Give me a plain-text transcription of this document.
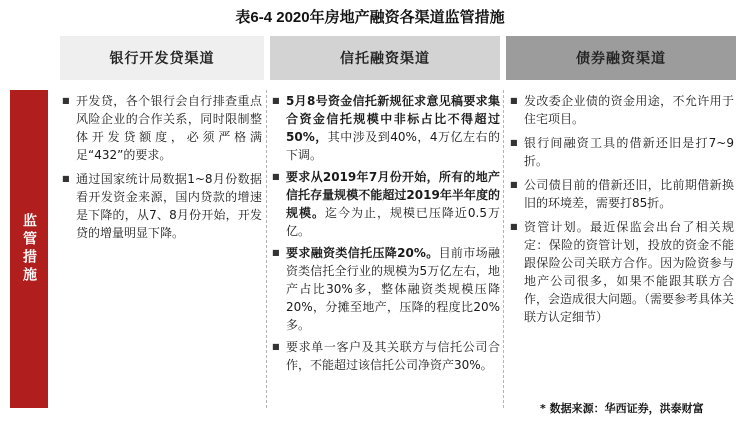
表6-4 2020年房地产融资各渠道监管措施
银行开发贷渠道	信托融资渠道	债券融资渠道
监管措施
■ 开发贷，各个银行会自行排查重点风险企业的合作关系，同时限制整体开发贷额度，必须严格满足“432”的要求。
■ 通过国家统计局数据1~8月份数据看开发资金来源，国内贷款的增速是下降的，从7、8月份开始，开发贷的增量明显下降。
■ 5月8号资金信托新规征求意见稿要求集合资金信托规模中非标占比不得超过50%，其中涉及到40%，4万亿左右的下调。
■ 要求从2019年7月份开始，所有的地产信托存量规模不能超过2019年半年度的规模。迄今为止，规模已压降近0.5万亿。
■ 要求融资类信托压降20%。目前市场融资类信托全行业的规模为5万亿左右，地产占比30%多，整体融资类规模压降20%，分摊至地产，压降的程度比20%多。
■ 要求单一客户及其关联方与信托公司合作，不能超过该信托公司净资产30%。
■ 发改委企业债的资金用途，不允许用于住宅项目。
■ 银行间融资工具的借新还旧是打7~9折。
■ 公司债目前的借新还旧，比前期借新换旧的环境差，需要打85折。
■ 资管计划。最近保监会出台了相关规定：保险的资管计划，投放的资金不能跟保险公司关联方合作。因为险资参与地产公司很多，如果不能跟其联方合作，会造成很大问题。（需要参考具体关联方认定细节）
* 数据来源：华西证券，洪泰财富
